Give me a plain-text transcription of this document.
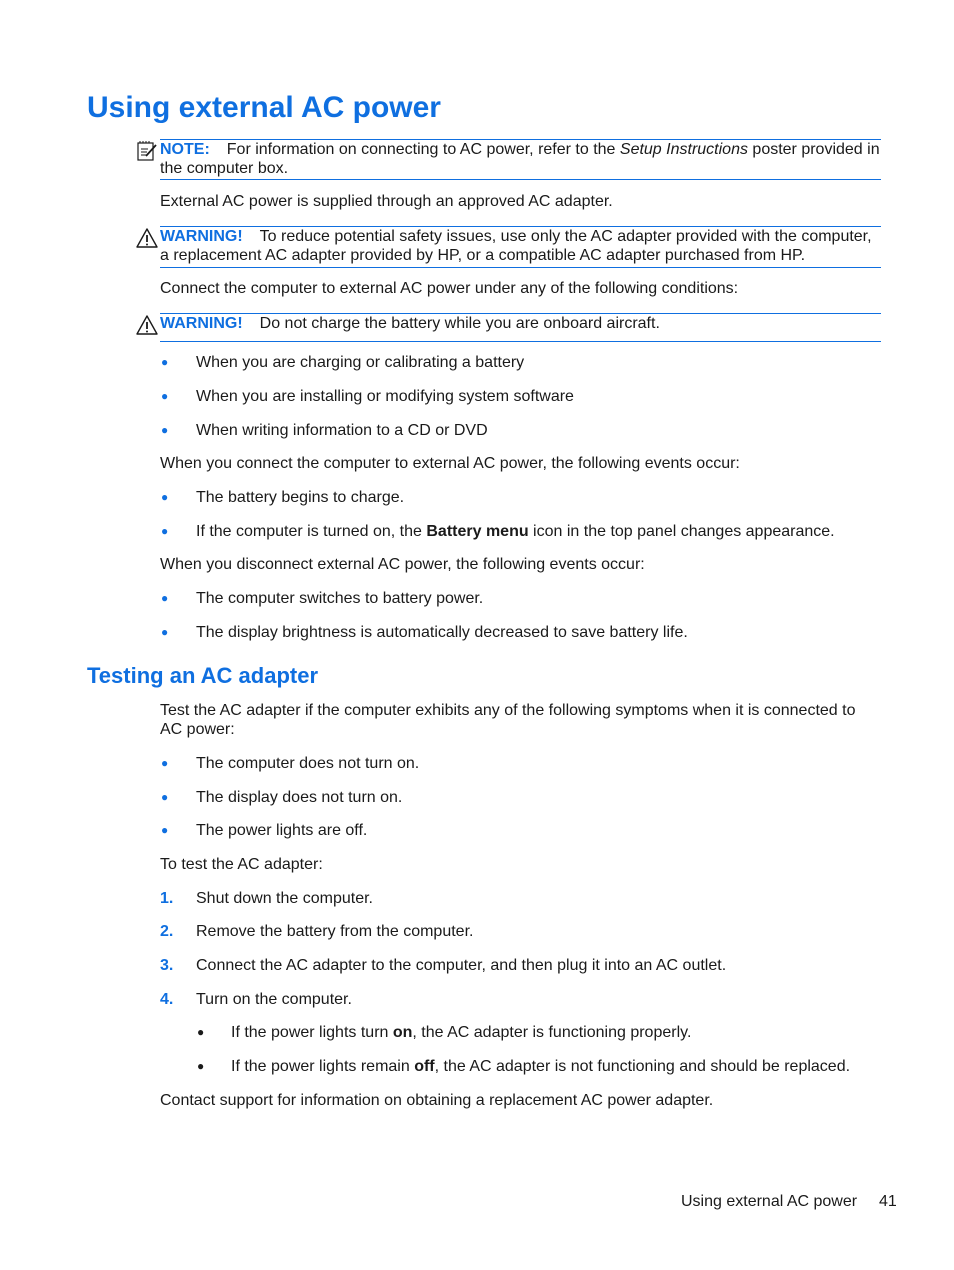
Using external AC power
NOTE: For information on connecting to AC power, refer to the Setup Instructions poster provided in the computer box.
External AC power is supplied through an approved AC adapter.
WARNING! To reduce potential safety issues, use only the AC adapter provided with the computer, a replacement AC adapter provided by HP, or a compatible AC adapter purchased from HP.
Connect the computer to external AC power under any of the following conditions:
WARNING! Do not charge the battery while you are onboard aircraft.
● When you are charging or calibrating a battery
● When you are installing or modifying system software
● When writing information to a CD or DVD
When you connect the computer to external AC power, the following events occur:
● The battery begins to charge.
● If the computer is turned on, the Battery menu icon in the top panel changes appearance.
When you disconnect external AC power, the following events occur:
● The computer switches to battery power.
● The display brightness is automatically decreased to save battery life.
Testing an AC adapter
Test the AC adapter if the computer exhibits any of the following symptoms when it is connected to AC power:
● The computer does not turn on.
● The display does not turn on.
● The power lights are off.
To test the AC adapter:
1. Shut down the computer.
2. Remove the battery from the computer.
3. Connect the AC adapter to the computer, and then plug it into an AC outlet.
4. Turn on the computer.
● If the power lights turn on, the AC adapter is functioning properly.
● If the power lights remain off, the AC adapter is not functioning and should be replaced.
Contact support for information on obtaining a replacement AC power adapter.
Using external AC power 41
